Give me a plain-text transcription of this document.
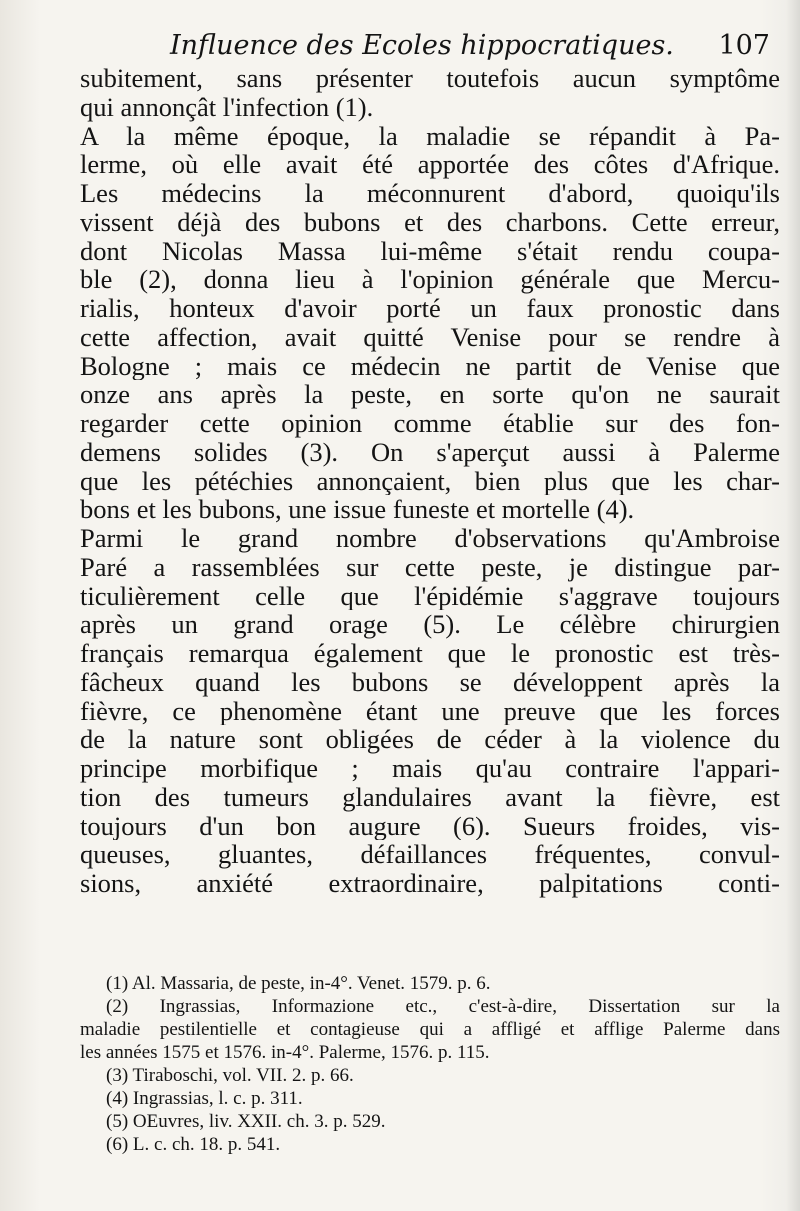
Influence des Ecoles hippocratiques. 107
subitement, sans présenter toutefois aucun symptôme
qui annonçât l'infection (1).
A la même époque, la maladie se répandit à Pa-
lerme, où elle avait été apportée des côtes d'Afrique.
Les médecins la méconnurent d'abord, quoiqu'ils
vissent déjà des bubons et des charbons. Cette erreur,
dont Nicolas Massa lui-même s'était rendu coupa-
ble (2), donna lieu à l'opinion générale que Mercu-
rialis, honteux d'avoir porté un faux pronostic dans
cette affection, avait quitté Venise pour se rendre à
Bologne ; mais ce médecin ne partit de Venise que
onze ans après la peste, en sorte qu'on ne saurait
regarder cette opinion comme établie sur des fon-
demens solides (3). On s'aperçut aussi à Palerme
que les pétéchies annonçaient, bien plus que les char-
bons et les bubons, une issue funeste et mortelle (4).
Parmi le grand nombre d'observations qu'Ambroise
Paré a rassemblées sur cette peste, je distingue par-
ticulièrement celle que l'épidémie s'aggrave toujours
après un grand orage (5). Le célèbre chirurgien
français remarqua également que le pronostic est très-
fâcheux quand les bubons se développent après la
fièvre, ce phenomène étant une preuve que les forces
de la nature sont obligées de céder à la violence du
principe morbifique ; mais qu'au contraire l'appari-
tion des tumeurs glandulaires avant la fièvre, est
toujours d'un bon augure (6). Sueurs froides, vis-
queuses, gluantes, défaillances fréquentes, convul-
sions, anxiété extraordinaire, palpitations conti-
(1) Al. Massaria, de peste, in-4°. Venet. 1579. p. 6.
(2) Ingrassias, Informazione etc., c'est-à-dire, Dissertation sur la
maladie pestilentielle et contagieuse qui a affligé et afflige Palerme dans
les années 1575 et 1576. in-4°. Palerme, 1576. p. 115.
(3) Tiraboschi, vol. VII. 2. p. 66.
(4) Ingrassias, l. c. p. 311.
(5) OEuvres, liv. XXII. ch. 3. p. 529.
(6) L. c. ch. 18. p. 541.
